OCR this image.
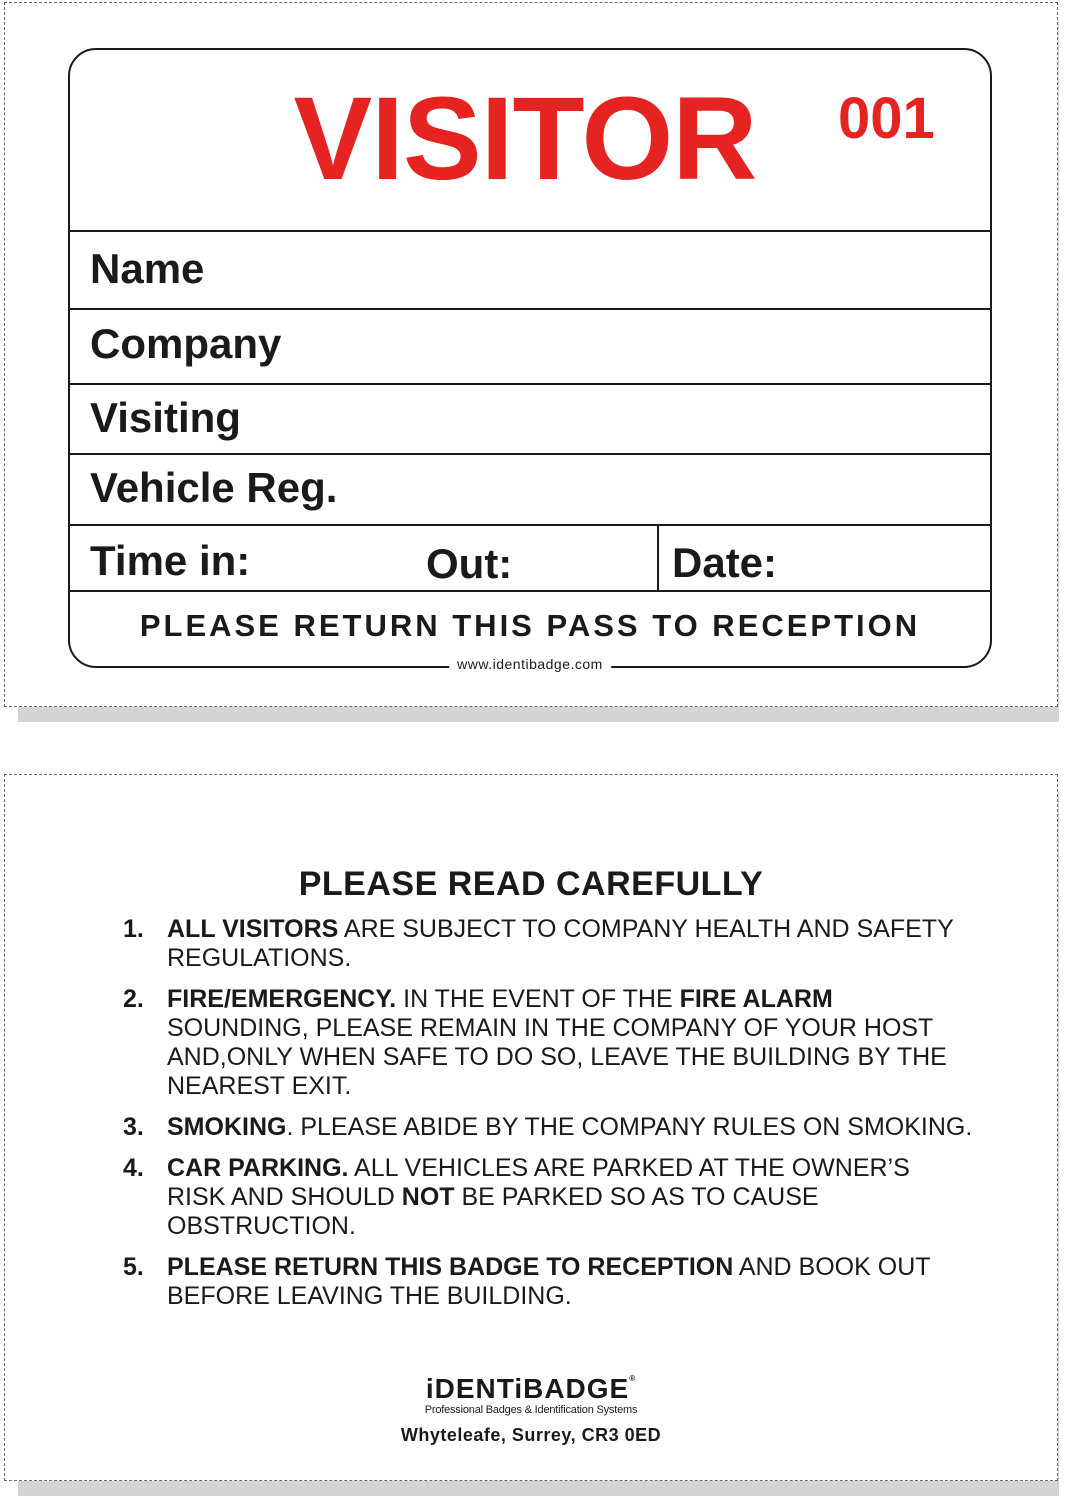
VISITOR	001
Name
Company
Visiting
Vehicle Reg.
Time in:	Out:	Date:
PLEASE RETURN THIS PASS TO RECEPTION
www.identibadge.com
PLEASE READ CAREFULLY
1. ALL VISITORS ARE SUBJECT TO COMPANY HEALTH AND SAFETY REGULATIONS.
2. FIRE/EMERGENCY. IN THE EVENT OF THE FIRE ALARM SOUNDING, PLEASE REMAIN IN THE COMPANY OF YOUR HOST AND,ONLY WHEN SAFE TO DO SO, LEAVE THE BUILDING BY THE NEAREST EXIT.
3. SMOKING. PLEASE ABIDE BY THE COMPANY RULES ON SMOKING.
4. CAR PARKING. ALL VEHICLES ARE PARKED AT THE OWNER’S RISK AND SHOULD NOT BE PARKED SO AS TO CAUSE OBSTRUCTION.
5. PLEASE RETURN THIS BADGE TO RECEPTION AND BOOK OUT BEFORE LEAVING THE BUILDING.
iDENTiBADGE®
Professional Badges & Identification Systems
Whyteleafe, Surrey, CR3 0ED
